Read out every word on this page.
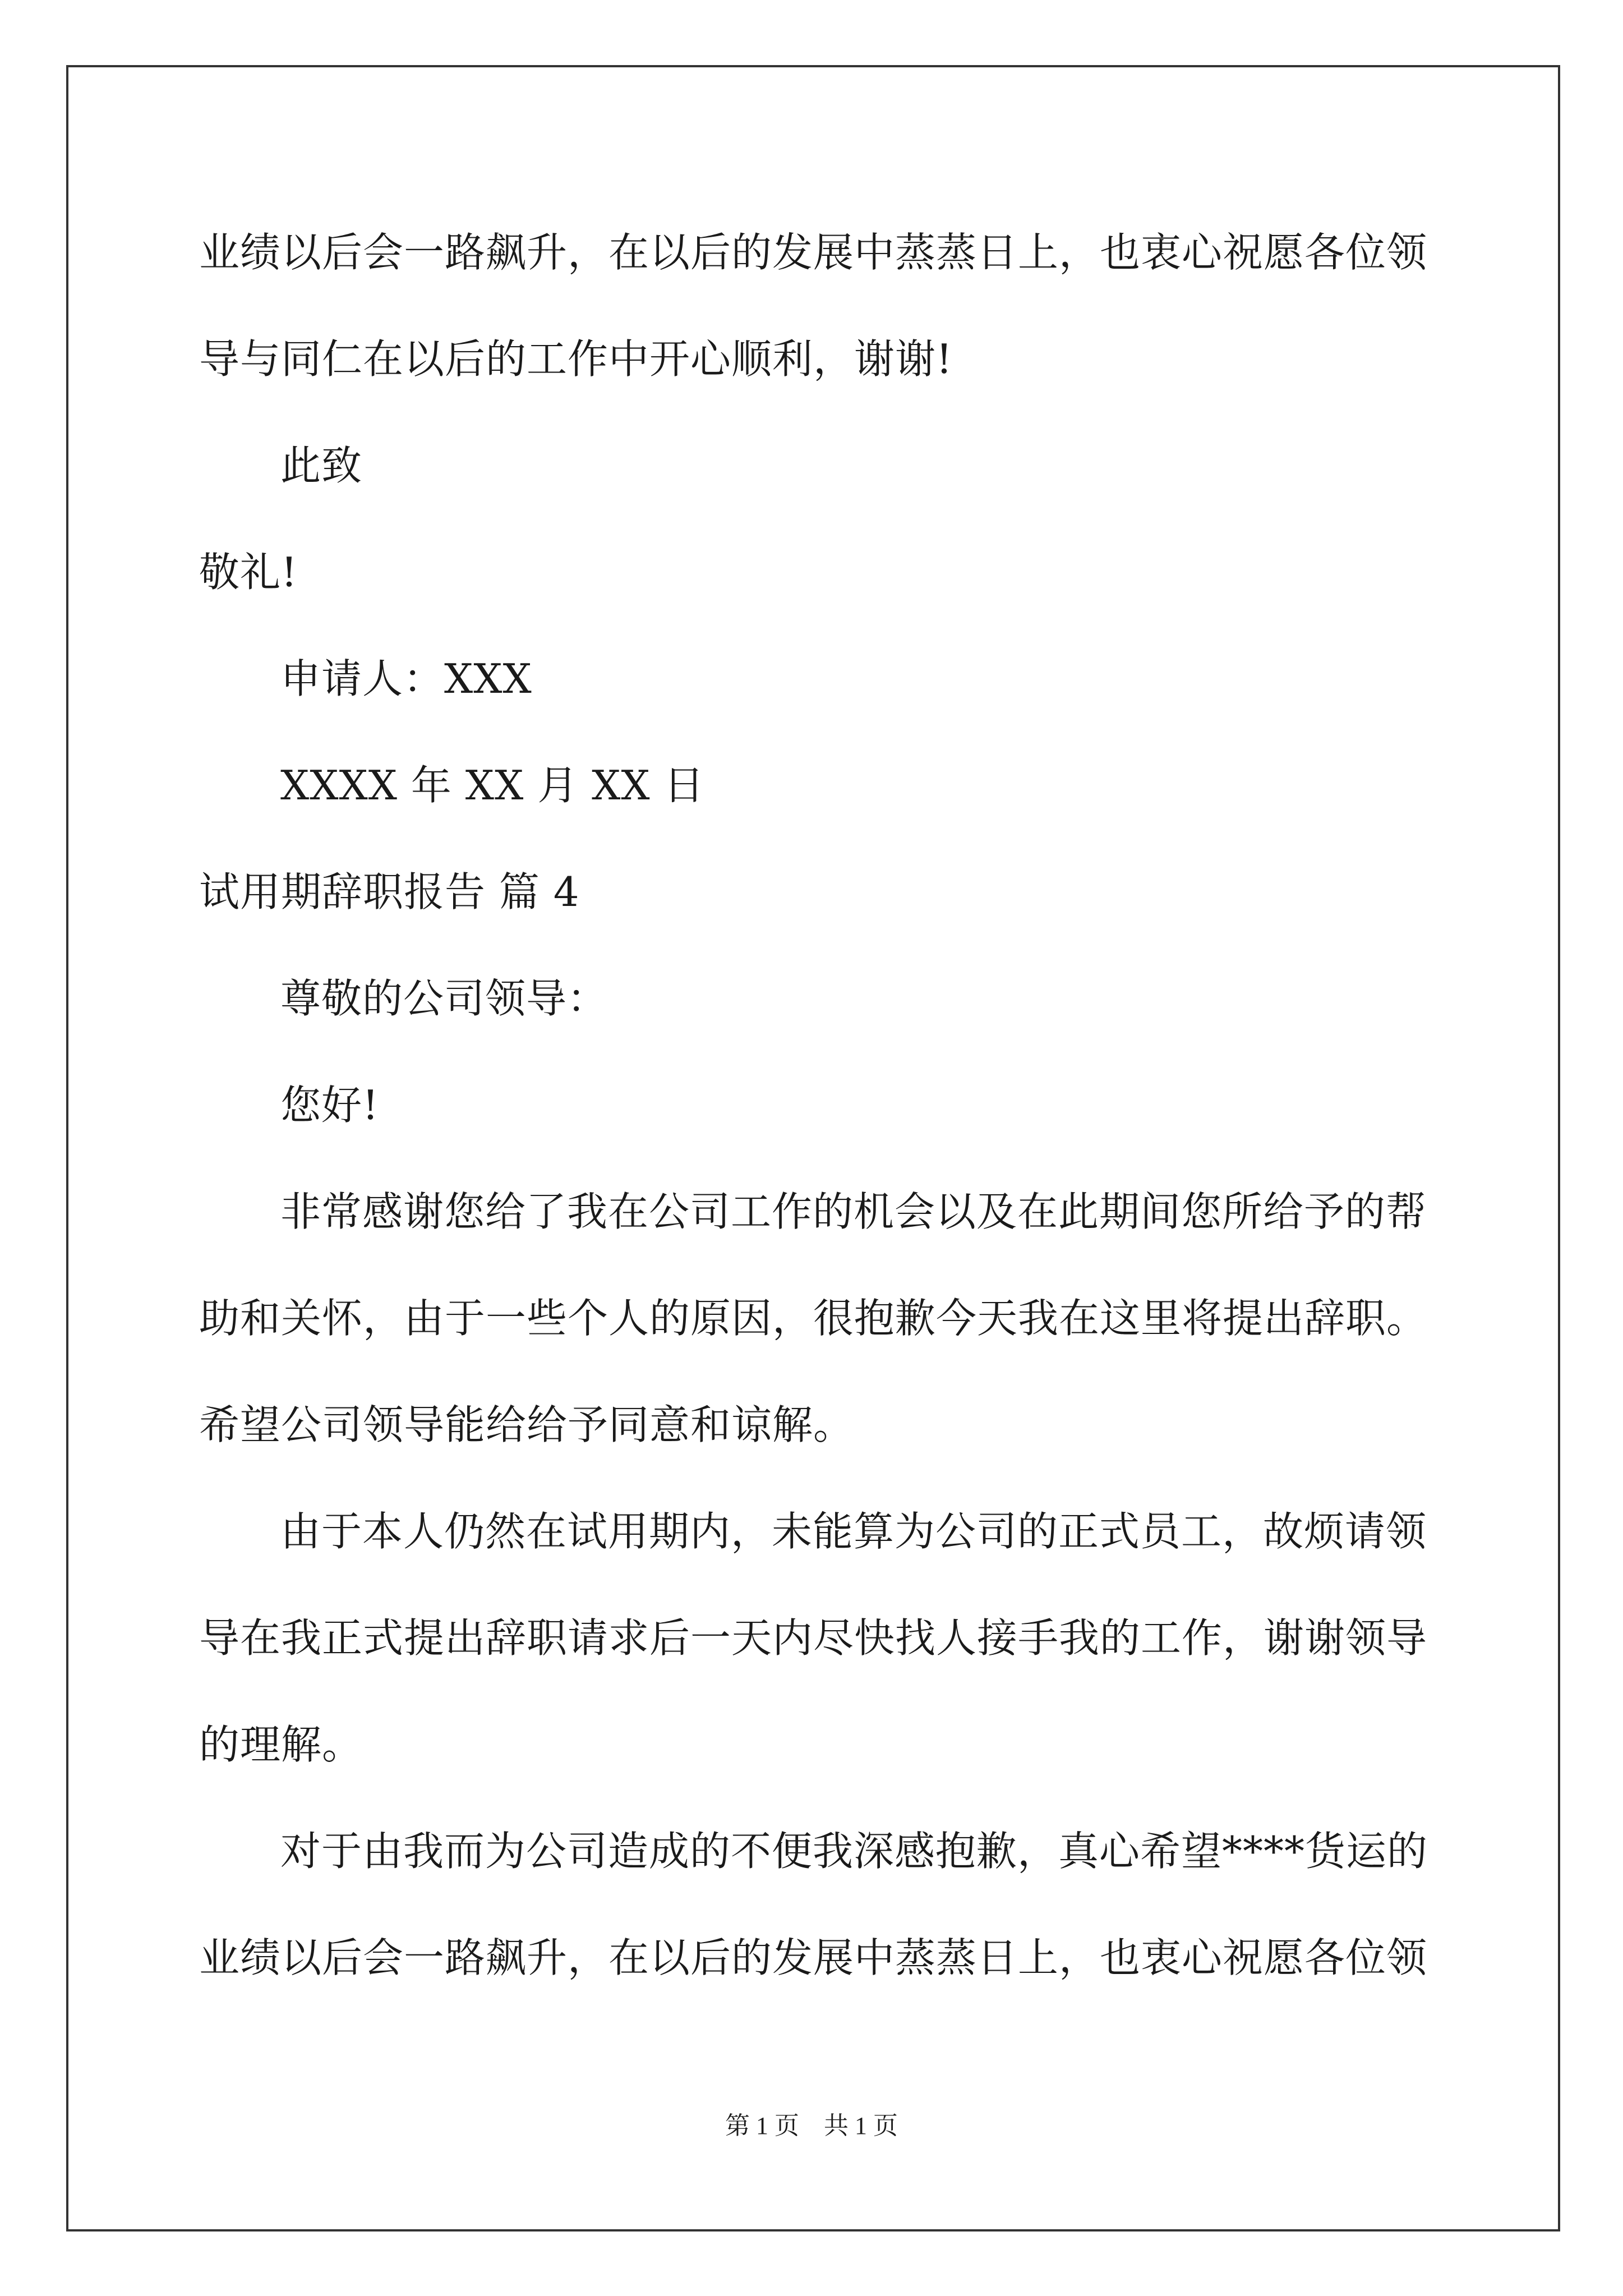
业绩以后会一路飙升，在以后的发展中蒸蒸日上，也衷心祝愿各位领
导与同仁在以后的工作中开心顺利，谢谢!
此致
敬礼!
申请人：XXX
XXXX 年 XX 月 XX 日
试用期辞职报告 篇 4
尊敬的公司领导：
您好!
非常感谢您给了我在公司工作的机会以及在此期间您所给予的帮
助和关怀，由于一些个人的原因，很抱歉今天我在这里将提出辞职。
希望公司领导能给给予同意和谅解。
由于本人仍然在试用期内，未能算为公司的正式员工，故烦请领
导在我正式提出辞职请求后一天内尽快找人接手我的工作，谢谢领导
的理解。
对于由我而为公司造成的不便我深感抱歉，真心希望****货运的
业绩以后会一路飙升，在以后的发展中蒸蒸日上，也衷心祝愿各位领
第 1 页    共 1 页
